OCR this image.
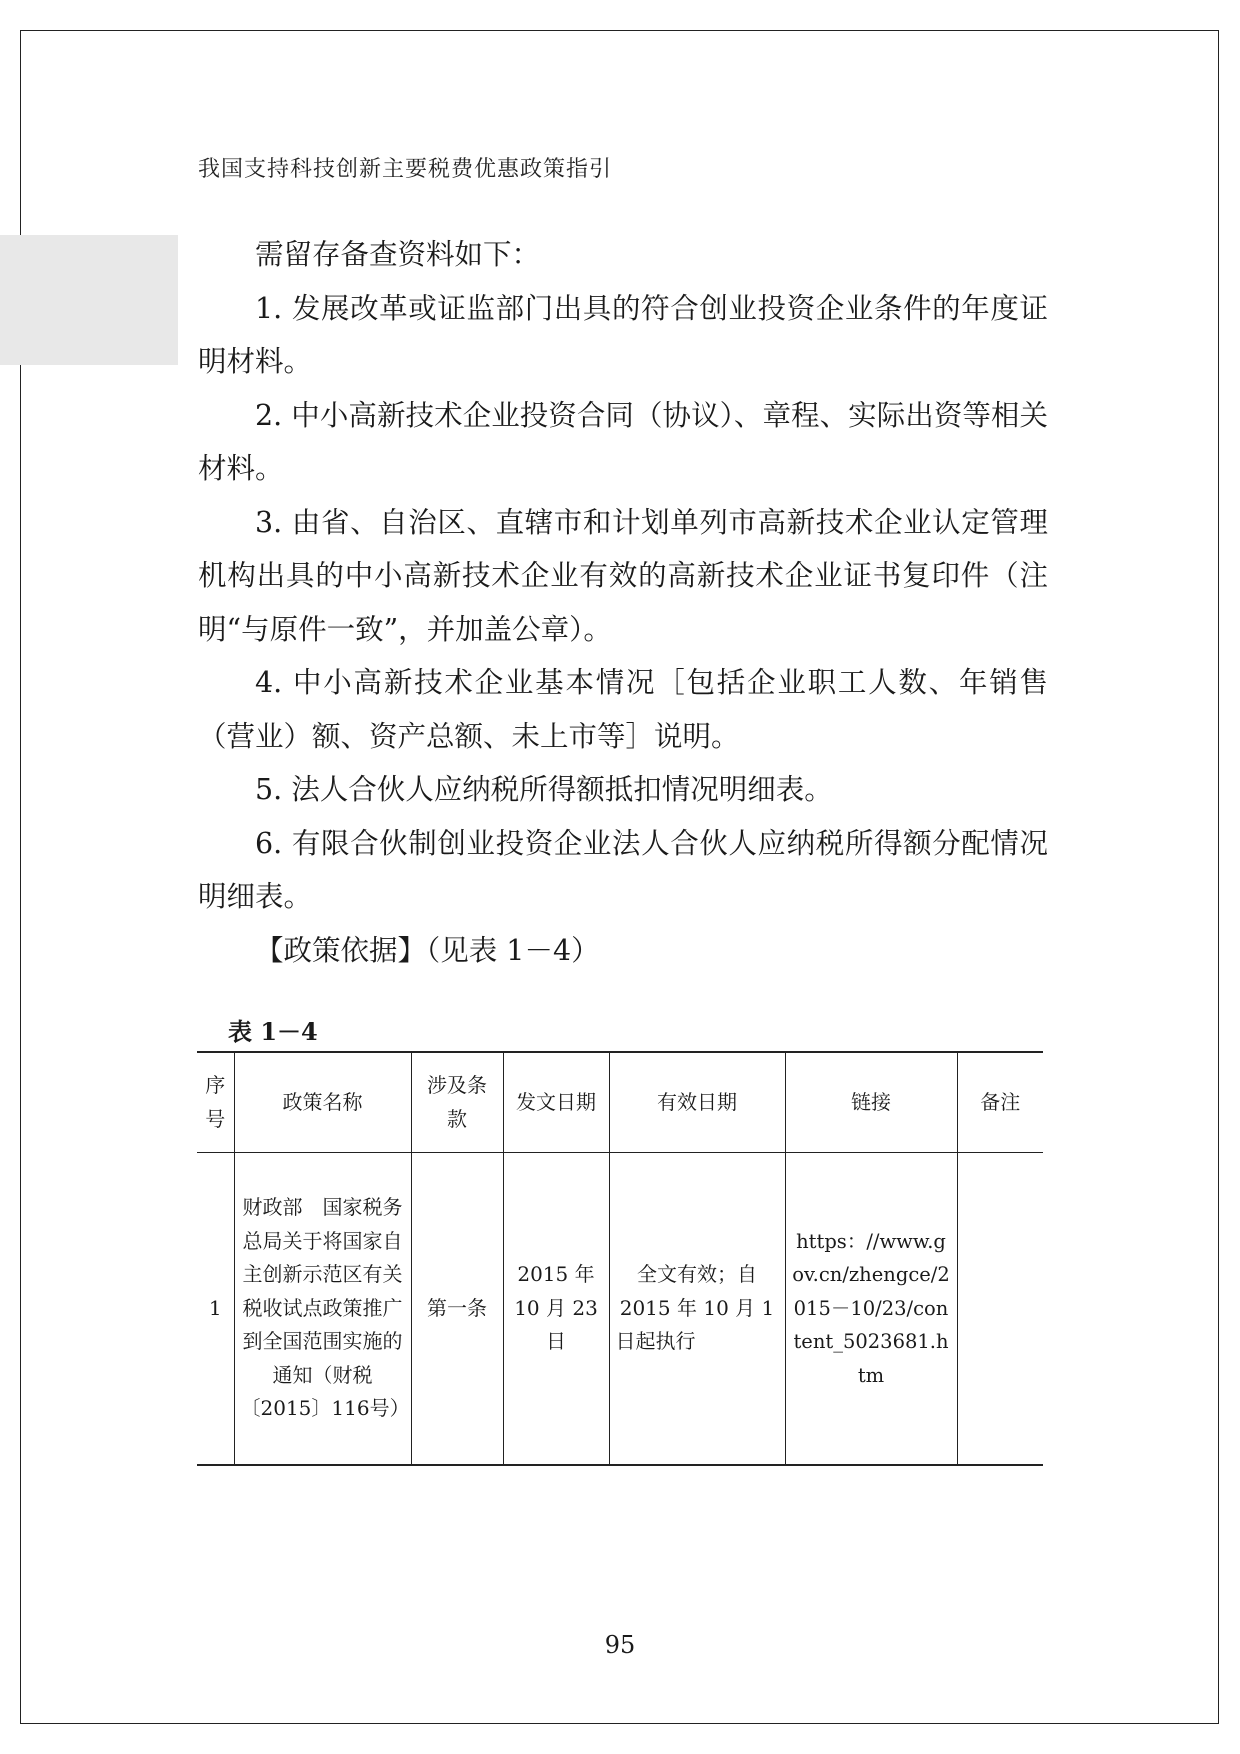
我国支持科技创新主要税费优惠政策指引

需留存备查资料如下：

1. 发展改革或证监部门出具的符合创业投资企业条件的年度证明材料。

2. 中小高新技术企业投资合同（协议）、章程、实际出资等相关材料。

3. 由省、自治区、直辖市和计划单列市高新技术企业认定管理机构出具的中小高新技术企业有效的高新技术企业证书复印件（注明“与原件一致”，并加盖公章）。

4. 中小高新技术企业基本情况［包括企业职工人数、年销售（营业）额、资产总额、未上市等］说明。

5. 法人合伙人应纳税所得额抵扣情况明细表。

6. 有限合伙制创业投资企业法人合伙人应纳税所得额分配情况明细表。

【政策依据】（见表 1－4）

表 1－4
序号	政策名称	涉及条款	发文日期	有效日期	链接	备注
1	财政部　国家税务总局关于将国家自主创新示范区有关税收试点政策推广到全国范围实施的通知（财税〔2015〕116号）	第一条	2015 年 10 月 23 日	全文有效；自 2015 年 10 月 1 日起执行	https：//www.gov.cn/zhengce/2015－10/23/content_5023681.htm	
95
